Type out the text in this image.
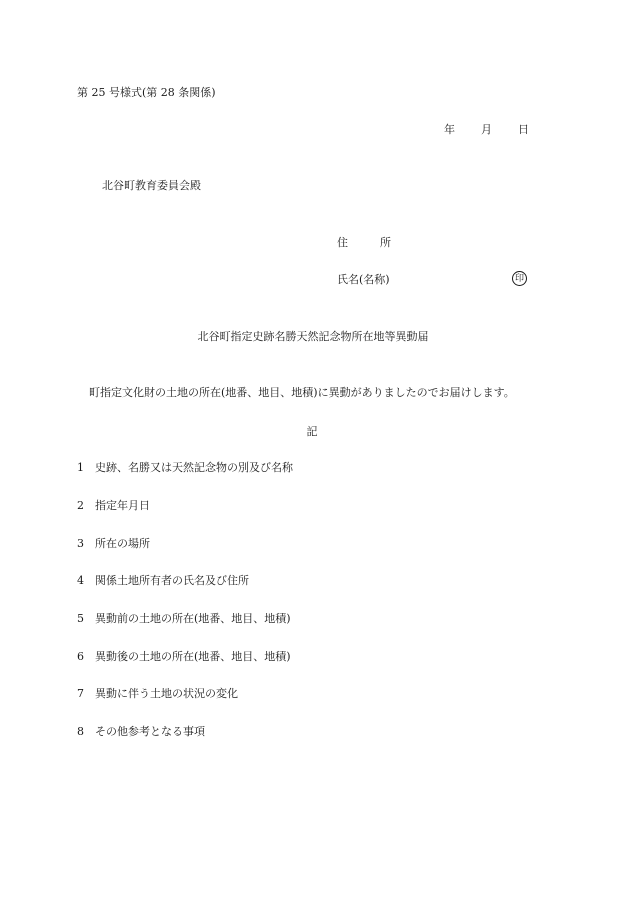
第 25 号様式(第 28 条関係)
年 月 日
北谷町教育委員会殿
住	所
氏名(名称)	印
北谷町指定史跡名勝天然記念物所在地等異動届
町指定文化財の土地の所在(地番、地目、地積)に異動がありましたのでお届けします。
記
1 史跡、名勝又は天然記念物の別及び名称
2 指定年月日
3 所在の場所
4 関係土地所有者の氏名及び住所
5 異動前の土地の所在(地番、地目、地積)
6 異動後の土地の所在(地番、地目、地積)
7 異動に伴う土地の状況の変化
8 その他参考となる事項
